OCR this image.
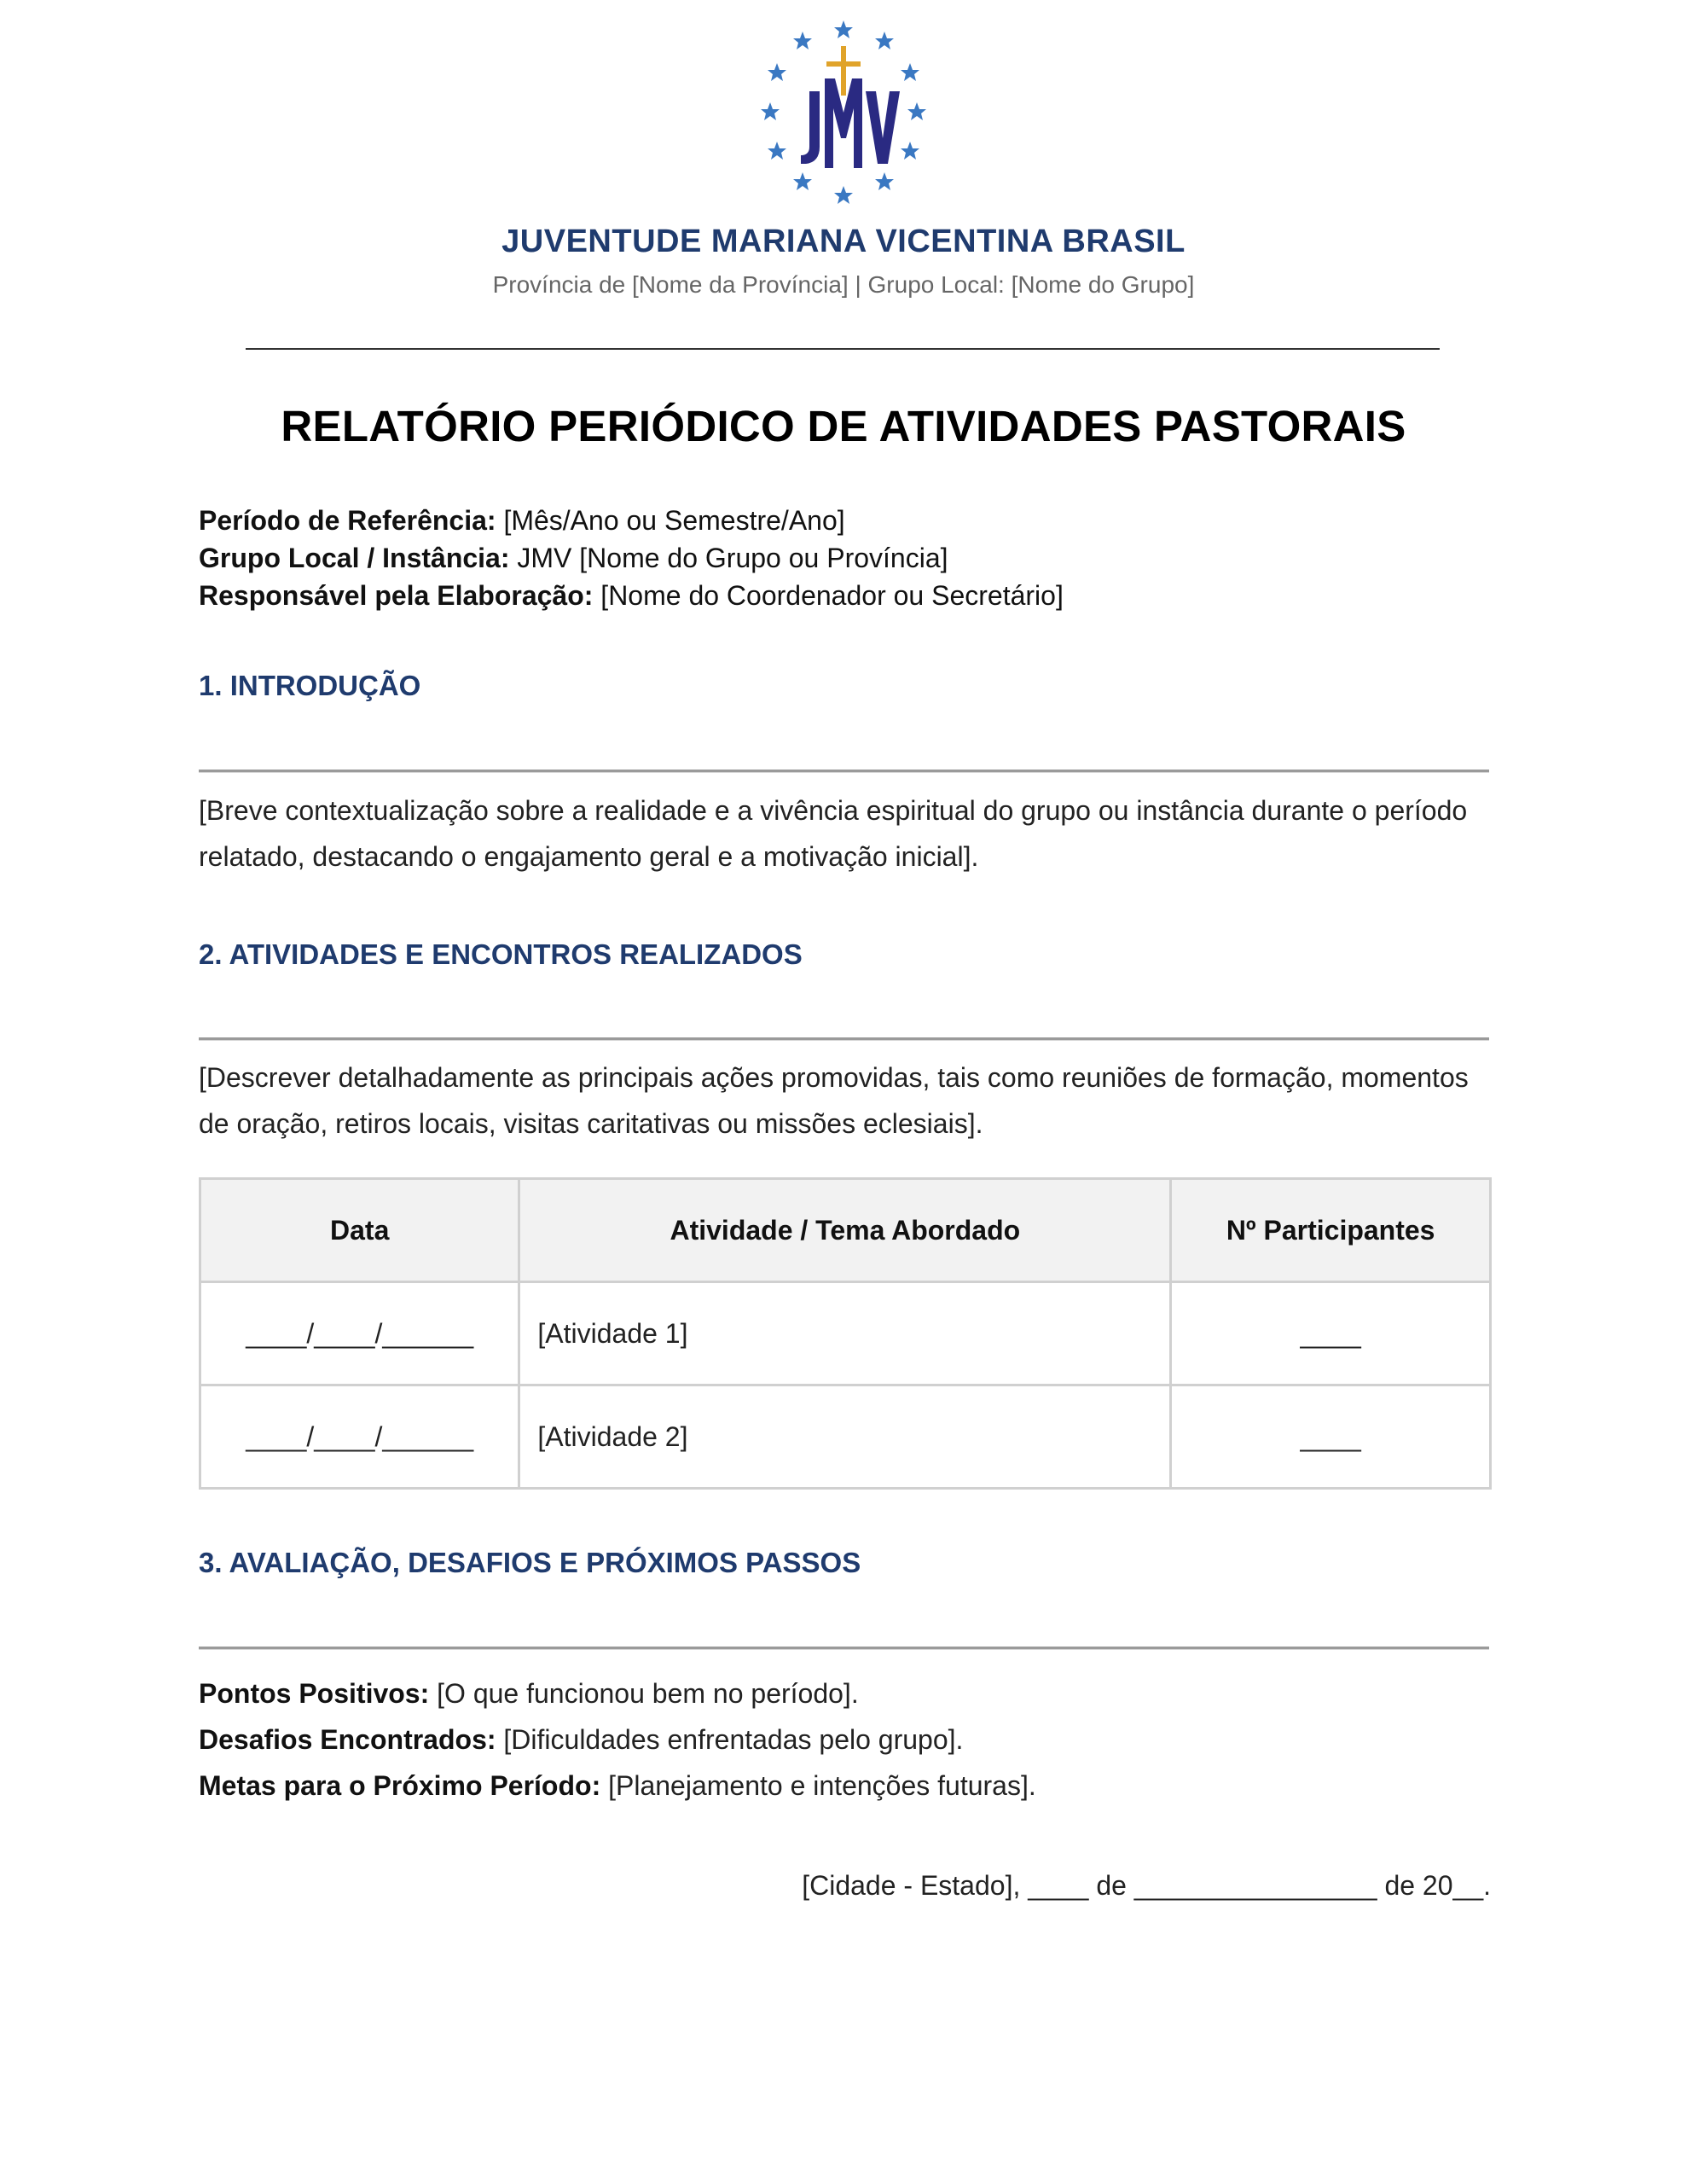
JUVENTUDE MARIANA VICENTINA BRASIL
Província de [Nome da Província] | Grupo Local: [Nome do Grupo]
RELATÓRIO PERIÓDICO DE ATIVIDADES PASTORAIS
Período de Referência: [Mês/Ano ou Semestre/Ano]
Grupo Local / Instância: JMV [Nome do Grupo ou Província]
Responsável pela Elaboração: [Nome do Coordenador ou Secretário]
1. INTRODUÇÃO
[Breve contextualização sobre a realidade e a vivência espiritual do grupo ou instância durante o período relatado, destacando o engajamento geral e a motivação inicial].
2. ATIVIDADES E ENCONTROS REALIZADOS
[Descrever detalhadamente as principais ações promovidas, tais como reuniões de formação, momentos de oração, retiros locais, visitas caritativas ou missões eclesiais].
Data	Atividade / Tema Abordado	Nº Participantes
____/____/______	[Atividade 1]	____
____/____/______	[Atividade 2]	____
3. AVALIAÇÃO, DESAFIOS E PRÓXIMOS PASSOS
Pontos Positivos: [O que funcionou bem no período].
Desafios Encontrados: [Dificuldades enfrentadas pelo grupo].
Metas para o Próximo Período: [Planejamento e intenções futuras].
[Cidade - Estado], ____ de ________________ de 20__.
